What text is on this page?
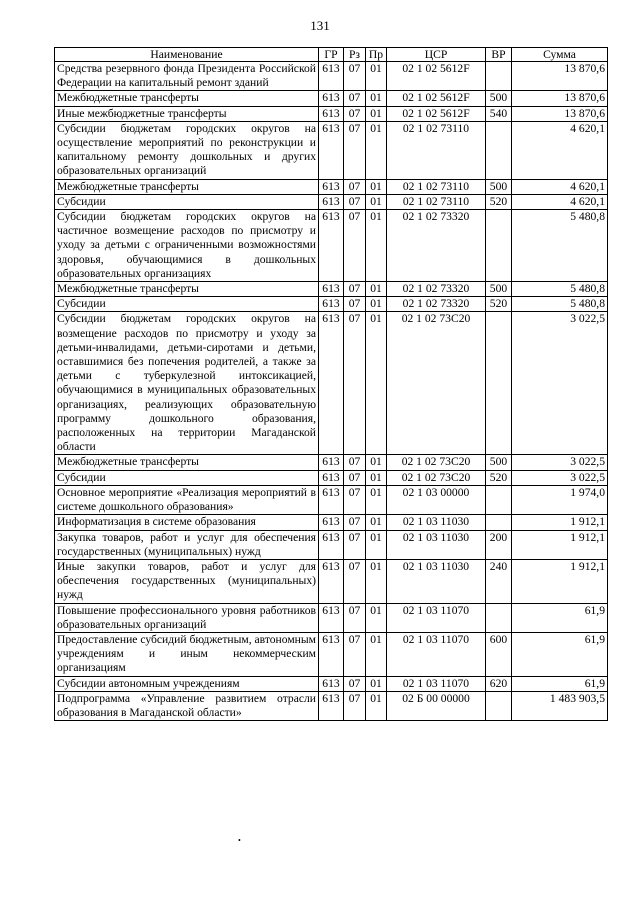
131
Наименование	ГР	Рз	Пр	ЦСР	ВР	Сумма
Средства резервного фонда Президента Российской Федерации на капитальный ремонт зданий	613	07	01	02 1 02 5612F		13 870,6
Межбюджетные трансферты	613	07	01	02 1 02 5612F	500	13 870,6
Иные межбюджетные трансферты	613	07	01	02 1 02 5612F	540	13 870,6
Субсидии бюджетам городских округов на осуществление мероприятий по реконструкции и капитальному ремонту дошкольных и других образовательных организаций	613	07	01	02 1 02 73110		4 620,1
Межбюджетные трансферты	613	07	01	02 1 02 73110	500	4 620,1
Субсидии	613	07	01	02 1 02 73110	520	4 620,1
Субсидии бюджетам городских округов на частичное возмещение расходов по присмотру и уходу за детьми с ограниченными возможностями здоровья, обучающимися в дошкольных образовательных организациях	613	07	01	02 1 02 73320		5 480,8
Межбюджетные трансферты	613	07	01	02 1 02 73320	500	5 480,8
Субсидии	613	07	01	02 1 02 73320	520	5 480,8
Субсидии бюджетам городских округов на возмещение расходов по присмотру и уходу за детьми-инвалидами, детьми-сиротами и детьми, оставшимися без попечения родителей, а также за детьми с туберкулезной интоксикацией, обучающимися в муниципальных образовательных организациях, реализующих образовательную программу дошкольного образования, расположенных на территории Магаданской области	613	07	01	02 1 02 73С20		3 022,5
Межбюджетные трансферты	613	07	01	02 1 02 73С20	500	3 022,5
Субсидии	613	07	01	02 1 02 73С20	520	3 022,5
Основное мероприятие «Реализация мероприятий в системе дошкольного образования»	613	07	01	02 1 03 00000		1 974,0
Информатизация в системе образования	613	07	01	02 1 03 11030		1 912,1
Закупка товаров, работ и услуг для обеспечения государственных (муниципальных) нужд	613	07	01	02 1 03 11030	200	1 912,1
Иные закупки товаров, работ и услуг для обеспечения государственных (муниципальных) нужд	613	07	01	02 1 03 11030	240	1 912,1
Повышение профессионального уровня работников образовательных организаций	613	07	01	02 1 03 11070		61,9
Предоставление субсидий бюджетным, автономным учреждениям и иным некоммерческим организациям	613	07	01	02 1 03 11070	600	61,9
Субсидии автономным учреждениям	613	07	01	02 1 03 11070	620	61,9
Подпрограмма «Управление развитием отрасли образования в Магаданской области»	613	07	01	02 Б 00 00000		1 483 903,5
•
